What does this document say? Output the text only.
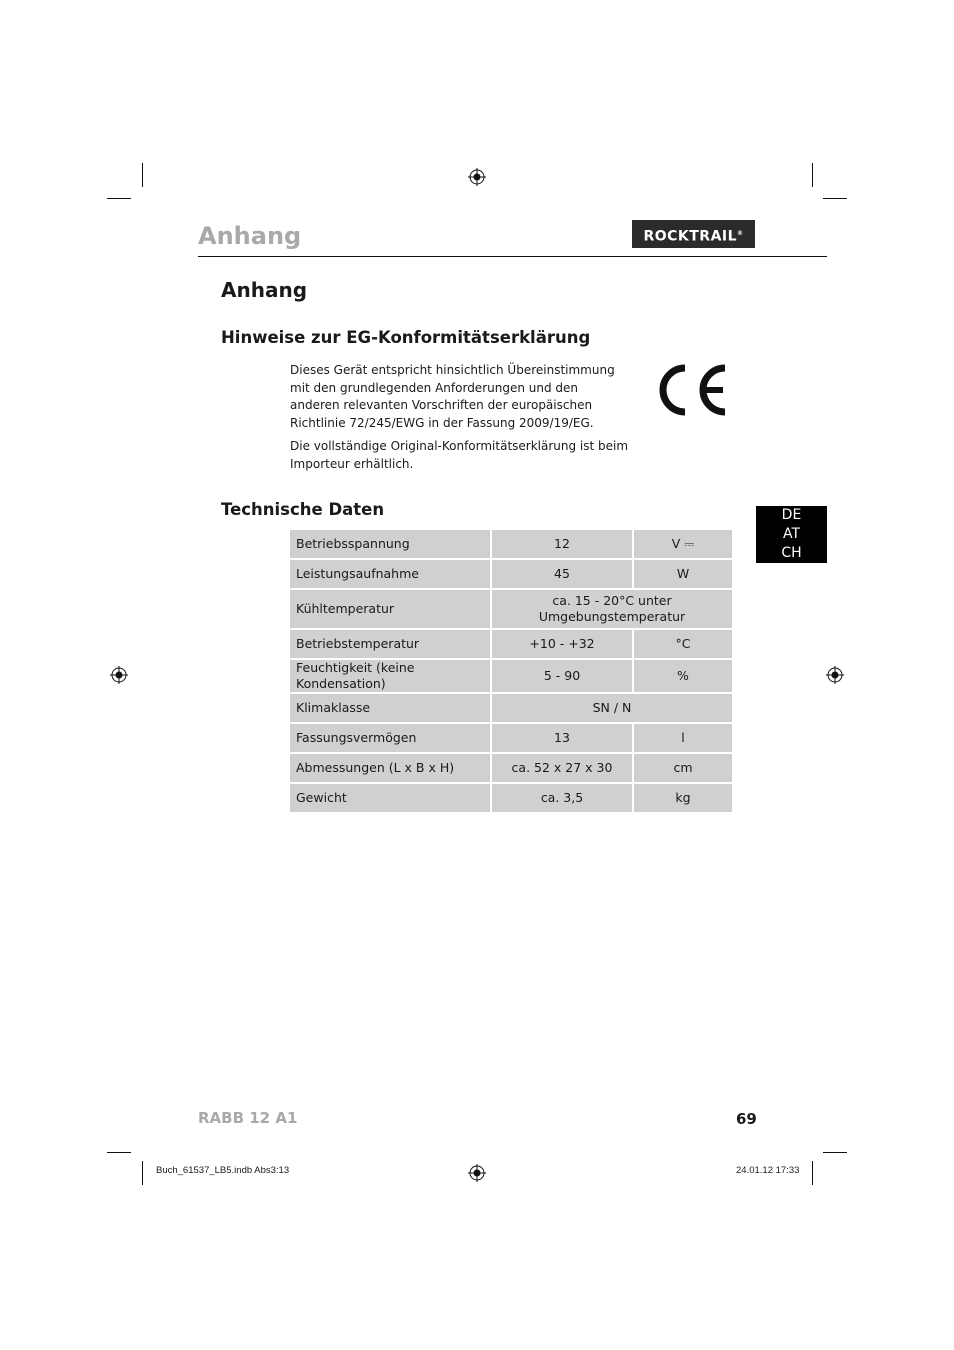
Anhang	ROCKTRAIL®
Anhang
Hinweise zur EG-Konformitätserklärung

Dieses Gerät entspricht hinsichtlich Übereinstimmung mit den grundlegenden Anforderungen und den anderen relevanten Vorschriften der europäischen Richtlinie 72/245/EWG in der Fassung 2009/19/EG.

Die vollständige Original-Konformitätserklärung ist beim Importeur erhältlich.

DE
AT
CH
Technische Daten
Betriebsspannung	12	V ⎓
Leistungsaufnahme	45	W
Kühltemperatur	ca. 15 - 20°C unter
Umgebungstemperatur	
Betriebstemperatur	+10 - +32	°C
Feuchtigkeit (keine Kondensation)	5 - 90	%
Klimaklasse	SN / N	
Fassungsvermögen	13	l
Abmessungen (L x B x H)	ca. 52 x 27 x 30	cm
Gewicht	ca. 3,5	kg
RABB 12 A1	69
Buch_61537_LB5.indb Abs3:13	24.01.12 17:33
